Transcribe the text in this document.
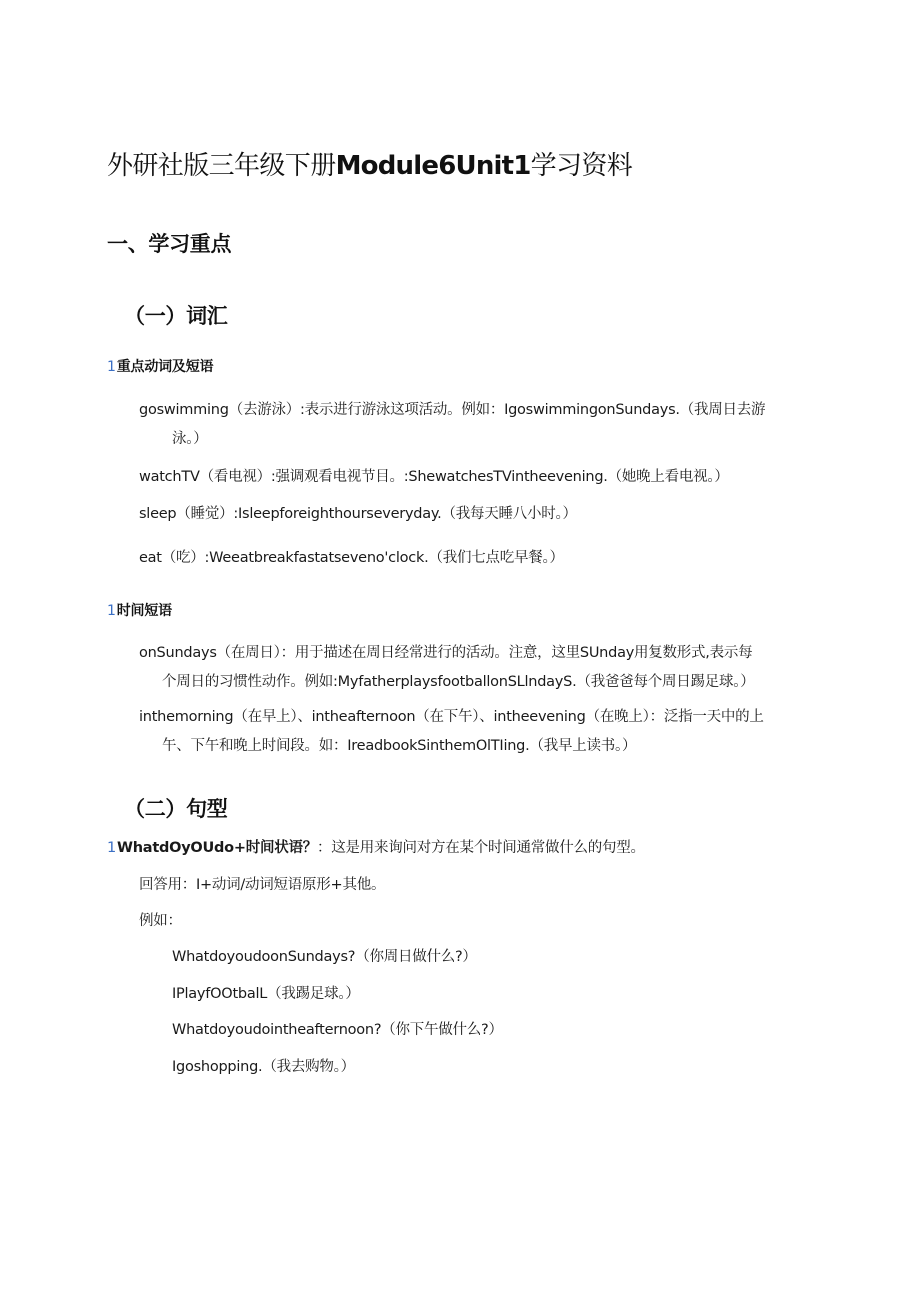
外研社版三年级下册Module6Unit1学习资料
一、学习重点
（一）词汇
1重点动词及短语
goswimming（去游泳）:表示进行游泳这项活动。例如：IgoswimmingonSundays.（我周日去游
泳。）
watchTV（看电视）:强调观看电视节目。:ShewatchesTVintheevening.（她晚上看电视。）
sleep（睡觉）:Isleepforeighthourseveryday.（我每天睡八小时。）
eat（吃）:Weeatbreakfastatseveno'clock.（我们七点吃早餐。）
1时间短语
onSundays（在周日）：用于描述在周日经常进行的活动。注意，这里SUnday用复数形式,表示每
个周日的习惯性动作。例如:MyfatherplaysfootballonSLlndayS.（我爸爸每个周日踢足球。）
inthemorning（在早上）、intheafternoon（在下午）、intheevening（在晚上）：泛指一天中的上
午、下午和晚上时间段。如：IreadbookSinthemOlTIing.（我早上读书。）
（二）句型
1WhatdOyOUdo+时间状语？：这是用来询问对方在某个时间通常做什么的句型。
回答用：I+动词/动词短语原形+其他。
例如：
WhatdoyoudoonSundays?（你周日做什么?）
IPlayfOOtbalL（我踢足球。）
Whatdoyoudointheafternoon?（你下午做什么?）
Igoshopping.（我去购物。）
